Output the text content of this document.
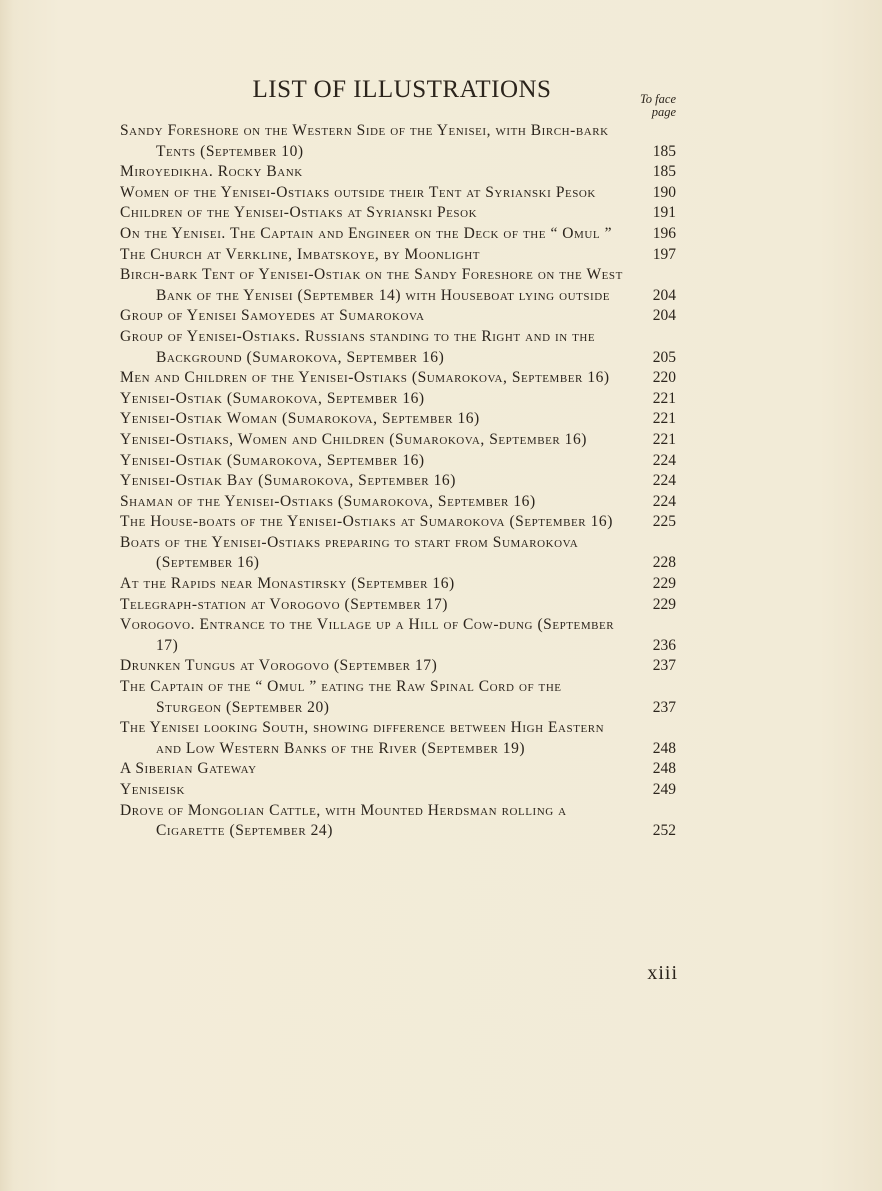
LIST OF ILLUSTRATIONS	To face
page
Sandy Foreshore on the Western Side of the Yenisei, with Birch-bark Tents (September 10)	185
Miroyedikha. Rocky Bank	185
Women of the Yenisei-Ostiaks outside their Tent at Syrianski Pesok	190
Children of the Yenisei-Ostiaks at Syrianski Pesok	191
On the Yenisei. The Captain and Engineer on the Deck of the “ Omul ”	196
The Church at Verkline, Imbatskoye, by Moonlight	197
Birch-bark Tent of Yenisei-Ostiak on the Sandy Foreshore on the West Bank of the Yenisei (September 14) with Houseboat lying outside	204
Group of Yenisei Samoyedes at Sumarokova	204
Group of Yenisei-Ostiaks. Russians standing to the Right and in the Background (Sumarokova, September 16)	205
Men and Children of the Yenisei-Ostiaks (Sumarokova, September 16)	220
Yenisei-Ostiak (Sumarokova, September 16)	221
Yenisei-Ostiak Woman (Sumarokova, September 16)	221
Yenisei-Ostiaks, Women and Children (Sumarokova, September 16)	221
Yenisei-Ostiak (Sumarokova, September 16)	224
Yenisei-Ostiak Bay (Sumarokova, September 16)	224
Shaman of the Yenisei-Ostiaks (Sumarokova, September 16)	224
The House-boats of the Yenisei-Ostiaks at Sumarokova (September 16)	225
Boats of the Yenisei-Ostiaks preparing to start from Sumarokova (September 16)	228
At the Rapids near Monastirsky (September 16)	229
Telegraph-station at Vorogovo (September 17)	229
Vorogovo. Entrance to the Village up a Hill of Cow-dung (September 17)	236
Drunken Tungus at Vorogovo (September 17)	237
The Captain of the “ Omul ” eating the Raw Spinal Cord of the Sturgeon (September 20)	237
The Yenisei looking South, showing difference between High Eastern and Low Western Banks of the River (September 19)	248
A Siberian Gateway	248
Yeniseisk	249
Drove of Mongolian Cattle, with Mounted Herdsman rolling a Cigarette (September 24)	252
xiii
